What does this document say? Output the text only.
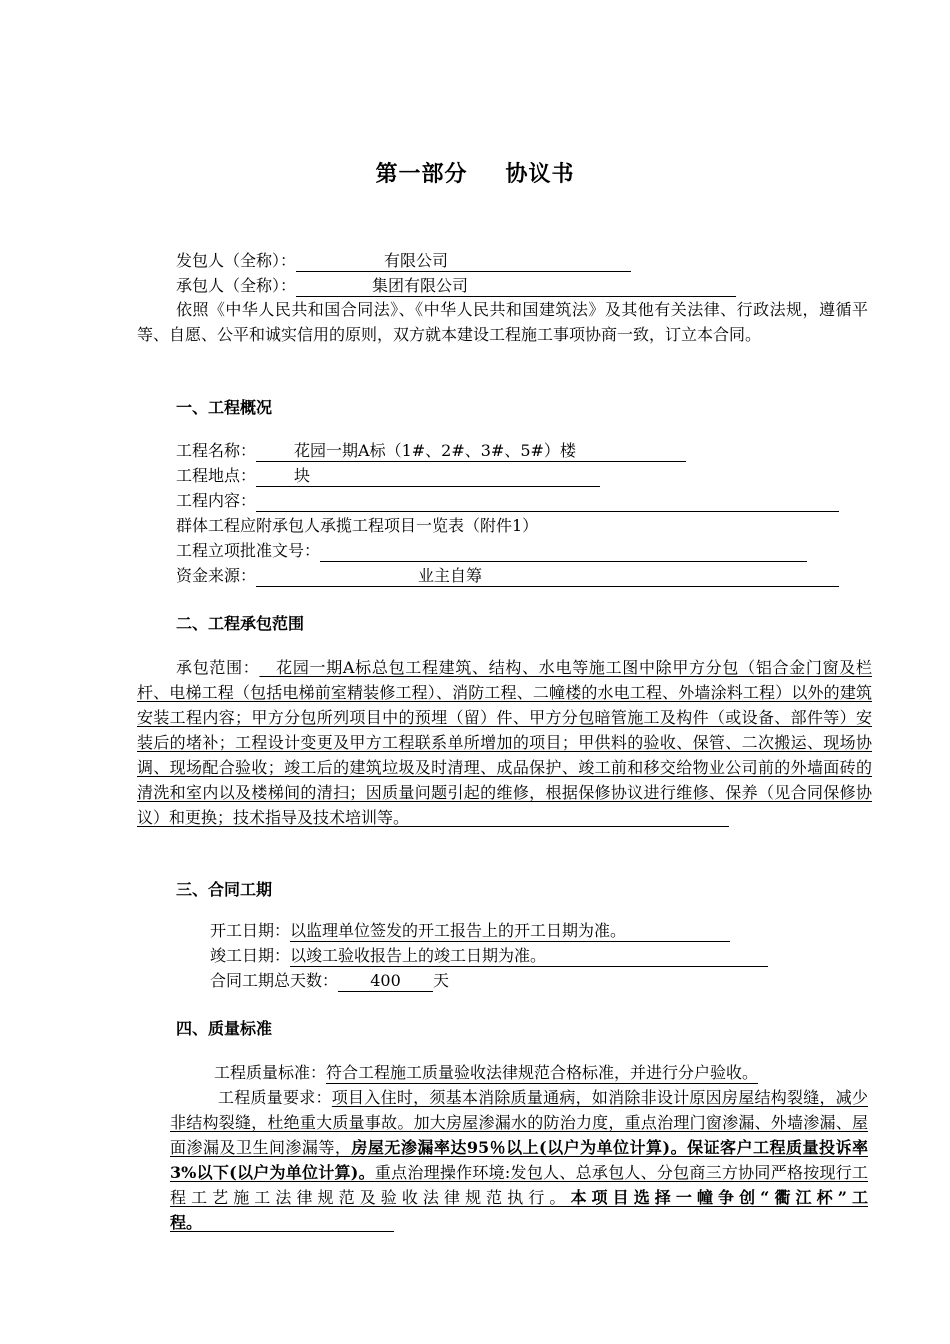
第一部分 协议书
发包人（全称）：	有限公司
承包人（全称）：	集团有限公司
依照《中华人民共和国合同法》、《中华人民共和国建筑法》及其他有关法律、行政法规，遵循平等、自愿、公平和诚实信用的原则，双方就本建设工程施工事项协商一致，订立本合同。
一、工程概况
工程名称： 花园一期A标（1#、2#、3#、5#）楼
工程地点： 块
工程内容：
群体工程应附承包人承揽工程项目一览表（附件1）
工程立项批准文号：
资金来源：	业主自筹
二、工程承包范围
承包范围：  花园一期A标总包工程建筑、结构、水电等施工图中除甲方分包（铝合金门窗及栏杆、电梯工程（包括电梯前室精装修工程）、消防工程、二幢楼的水电工程、外墙涂料工程）以外的建筑安装工程内容；甲方分包所列项目中的预埋（留）件、甲方分包暗管施工及构件（或设备、部件等）安装后的堵补；工程设计变更及甲方工程联系单所增加的项目；甲供料的验收、保管、二次搬运、现场协调、现场配合验收；竣工后的建筑垃圾及时清理、成品保护、竣工前和移交给物业公司前的外墙面砖的清洗和室内以及楼梯间的清扫；因质量问题引起的维修，根据保修协议进行维修、保养（见合同保修协议）和更换；技术指导及技术培训等。                    
三、合同工期
开工日期：以监理单位签发的开工报告上的开工日期为准。
竣工日期：以竣工验收报告上的竣工日期为准。
合同工期总天数： 400 天
四、质量标准
工程质量标准：符合工程施工质量验收法律规范合格标准，并进行分户验收。
工程质量要求：项目入住时，须基本消除质量通病，如消除非设计原因房屋结构裂缝，减少非结构裂缝，杜绝重大质量事故。加大房屋渗漏水的防治力度，重点治理门窗渗漏、外墙渗漏、屋面渗漏及卫生间渗漏等，房屋无渗漏率达95％以上(以户为单位计算)。保证客户工程质量投诉率3%以下(以户为单位计算)。重点治理操作环境:发包人、总承包人、分包商三方协同严格按现行工程工艺施工法律规范及验收法律规范执行。本项目选择一幢争创“衢江杯”工程。            
